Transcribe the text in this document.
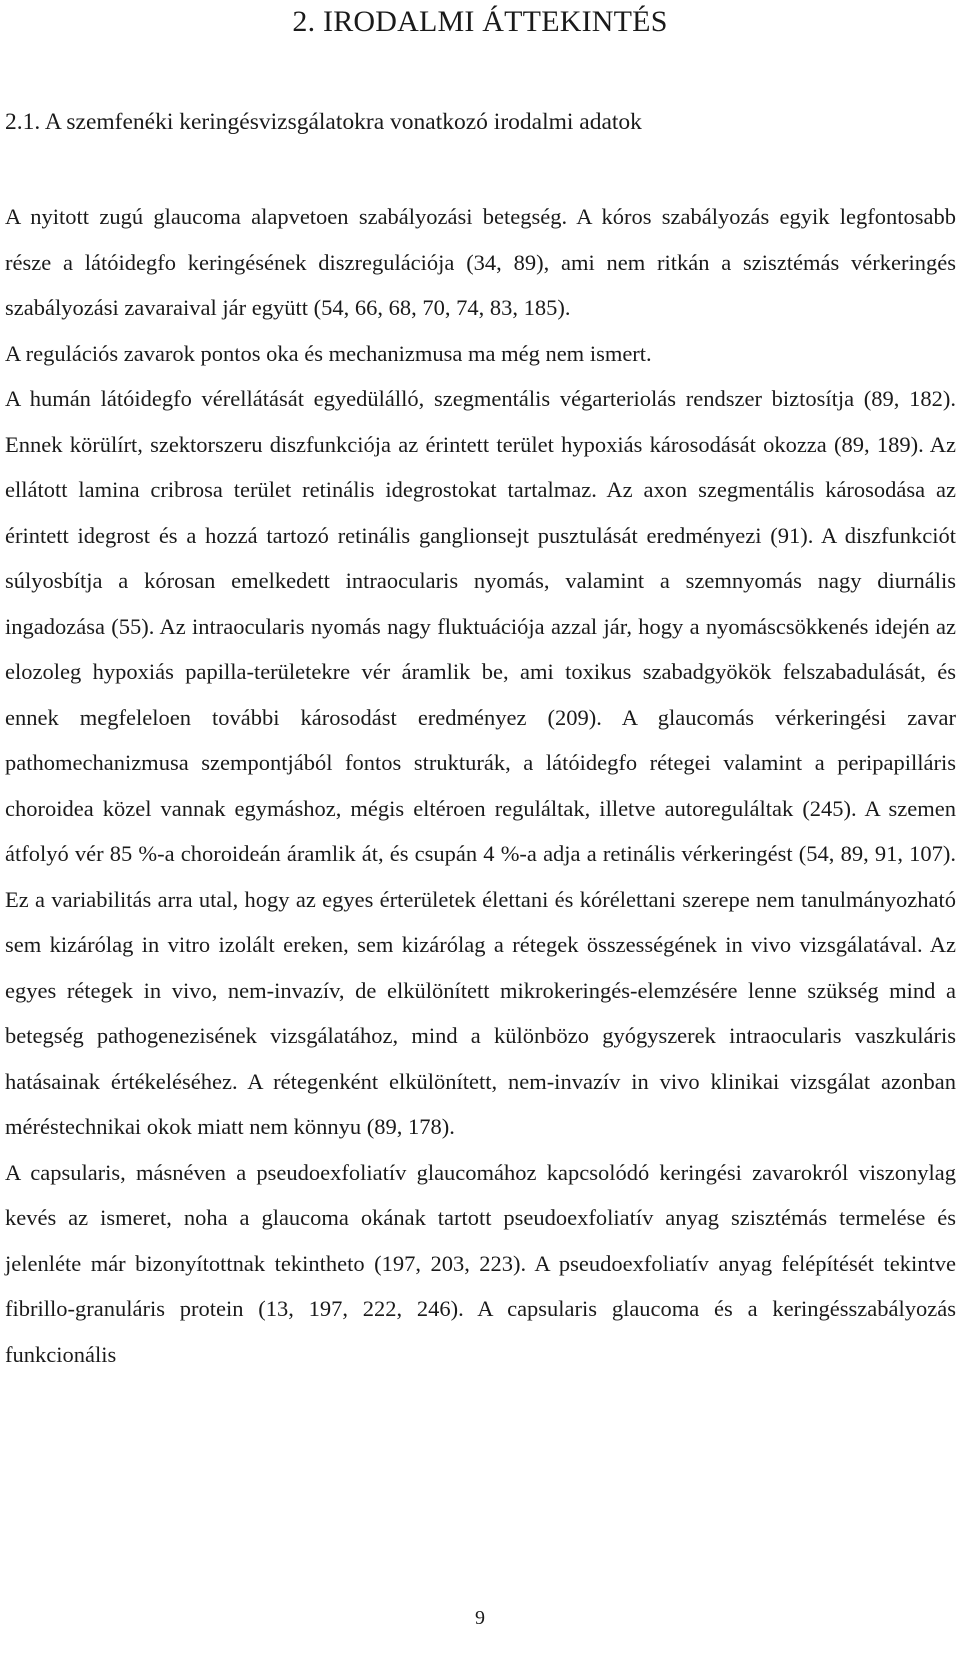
2. IRODALMI ÁTTEKINTÉS
2.1. A szemfenéki keringésvizsgálatokra vonatkozó irodalmi adatok

A nyitott zugú glaucoma alapvetoen szabályozási betegség. A kóros szabályozás egyik legfontosabb része a látóidegfo keringésének diszregulációja (34, 89), ami nem ritkán a szisztémás vérkeringés szabályozási zavaraival jár együtt (54, 66, 68, 70, 74, 83, 185).

A regulációs zavarok pontos oka és mechanizmusa ma még nem ismert.

A humán látóidegfo vérellátását egyedülálló, szegmentális végarteriolás rendszer biztosítja (89, 182). Ennek körülírt, szektorszeru diszfunkciója az érintett terület hypoxiás károsodását okozza (89, 189). Az ellátott lamina cribrosa terület retinális idegrostokat tartalmaz. Az axon szegmentális károsodása az érintett idegrost és a hozzá tartozó retinális ganglionsejt pusztulását eredményezi (91). A diszfunkciót súlyosbítja a kórosan emelkedett intraocularis nyomás, valamint a szemnyomás nagy diurnális ingadozása (55). Az intraocularis nyomás nagy fluktuációja azzal jár, hogy a nyomáscsökkenés idején az elozoleg hypoxiás papilla-területekre vér áramlik be, ami toxikus szabadgyökök felszabadulását, és ennek megfeleloen további károsodást eredményez (209). A glaucomás vérkeringési zavar pathomechanizmusa szempontjából fontos strukturák, a látóidegfo rétegei valamint a peripapilláris choroidea közel vannak egymáshoz, mégis eltéroen reguláltak, illetve autoreguláltak (245). A szemen átfolyó vér 85 %-a choroideán áramlik át, és csupán 4 %-a adja a retinális vérkeringést (54, 89, 91, 107). Ez a variabilitás arra utal, hogy az egyes érterületek élettani és kórélettani szerepe nem tanulmányozható sem kizárólag in vitro izolált ereken, sem kizárólag a rétegek összességének in vivo vizsgálatával. Az egyes rétegek in vivo, nem-invazív, de elkülönített mikrokeringés-elemzésére lenne szükség mind a betegség pathogenezisének vizsgálatához, mind a különbözo gyógyszerek intraocularis vaszkuláris hatásainak értékeléséhez. A rétegenként elkülönített, nem-invazív in vivo klinikai vizsgálat azonban méréstechnikai okok miatt nem könnyu (89, 178).

A capsularis, másnéven a pseudoexfoliatív glaucomához kapcsolódó keringési zavarokról viszonylag kevés az ismeret, noha a glaucoma okának tartott pseudoexfoliatív anyag szisztémás termelése és jelenléte már bizonyítottnak tekintheto (197, 203, 223). A pseudoexfoliatív anyag felépítését tekintve fibrillo-granuláris protein (13, 197, 222, 246). A capsularis glaucoma és a keringésszabályozás funkcionális

9
